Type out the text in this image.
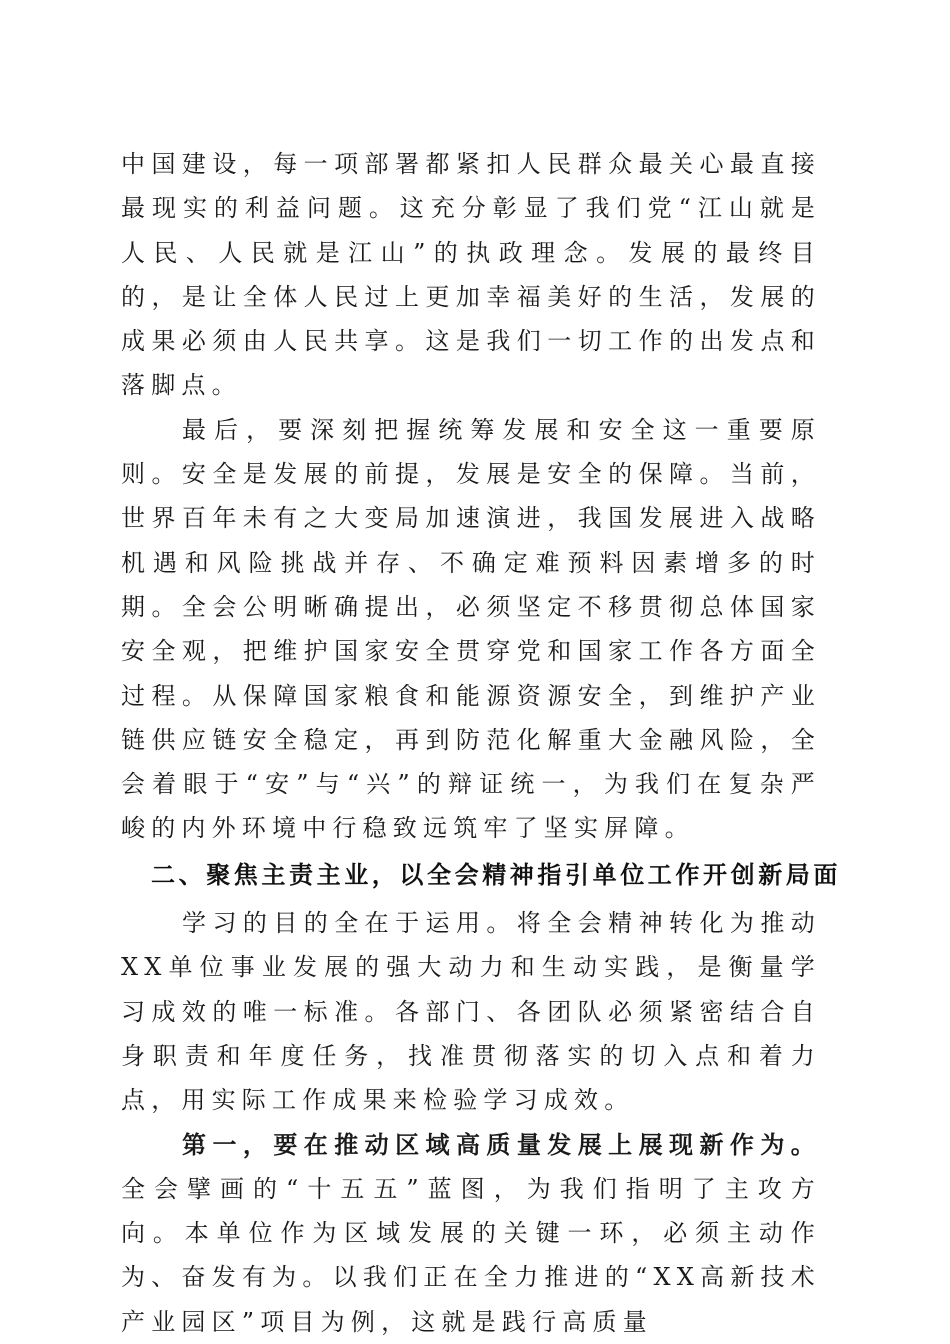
中国建设，每一项部署都紧扣人民群众最关心最直接最现实的利益问题。这充分彰显了我们党“江山就是人民、人民就是江山”的执政理念。发展的最终目的，是让全体人民过上更加幸福美好的生活，发展的成果必须由人民共享。这是我们一切工作的出发点和落脚点。

最后，要深刻把握统筹发展和安全这一重要原则。安全是发展的前提，发展是安全的保障。当前，世界百年未有之大变局加速演进，我国发展进入战略机遇和风险挑战并存、不确定难预料因素增多的时期。全会公明晰确提出，必须坚定不移贯彻总体国家安全观，把维护国家安全贯穿党和国家工作各方面全过程。从保障国家粮食和能源资源安全，到维护产业链供应链安全稳定，再到防范化解重大金融风险，全会着眼于“安”与“兴”的辩证统一，为我们在复杂严峻的内外环境中行稳致远筑牢了坚实屏障。

二、聚焦主责主业，以全会精神指引单位工作开创新局面

学习的目的全在于运用。将全会精神转化为推动XX单位事业发展的强大动力和生动实践，是衡量学习成效的唯一标准。各部门、各团队必须紧密结合自身职责和年度任务，找准贯彻落实的切入点和着力点，用实际工作成果来检验学习成效。

第一，要在推动区域高质量发展上展现新作为。全会擘画的“十五五”蓝图，为我们指明了主攻方向。本单位作为区域发展的关键一环，必须主动作为、奋发有为。以我们正在全力推进的“XX高新技术产业园区”项目为例，这就是践行高质量
